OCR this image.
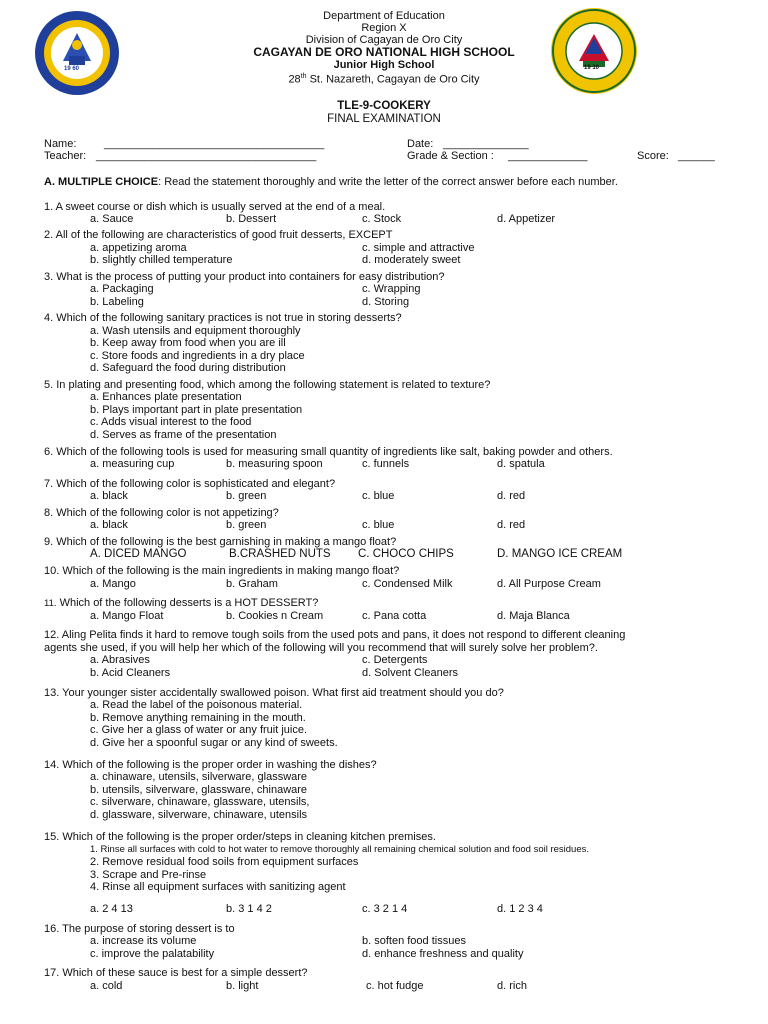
19 60	19 10
Department of Education
Region X
Division of Cagayan de Oro City
CAGAYAN DE ORO NATIONAL HIGH SCHOOL
Junior High School
28th St. Nazareth, Cagayan de Oro City
TLE-9-COOKERY
FINAL EXAMINATION
Name:	____________________________________	Date: ______________
Teacher: ____________________________________	Grade & Section : _____________	Score: ______
A. MULTIPLE CHOICE: Read the statement thoroughly and write the letter of the correct answer before each number.
1. A sweet course or dish which is usually served at the end of a meal.
a. Sauce	b. Dessert	c. Stock	d. Appetizer
2. All of the following are characteristics of good fruit desserts, EXCEPT
a. appetizing aroma	c. simple and attractive
b. slightly chilled temperature	d. moderately sweet
3. What is the process of putting your product into containers for easy distribution?
a. Packaging	c. Wrapping
b. Labeling	d. Storing
4. Which of the following sanitary practices is not true in storing desserts?
a. Wash utensils and equipment thoroughly
b. Keep away from food when you are ill
c. Store foods and ingredients in a dry place
d. Safeguard the food during distribution
5. In plating and presenting food, which among the following statement is related to texture?
a. Enhances plate presentation
b. Plays important part in plate presentation
c. Adds visual interest to the food
d. Serves as frame of the presentation
6. Which of the following tools is used for measuring small quantity of ingredients like salt, baking powder and others.
a. measuring cup	b. measuring spoon	c. funnels	d. spatula
7. Which of the following color is sophisticated and elegant?
a. black	b. green	c. blue	d. red
8. Which of the following color is not appetizing?
a. black	b. green	c. blue	d. red
9. Which of the following is the best garnishing in making a mango float?
A. DICED MANGO	B.CRASHED NUTS C. CHOCO CHIPS	D. MANGO ICE CREAM
10. Which of the following is the main ingredients in making mango float?
a. Mango	b. Graham	c. Condensed Milk	d. All Purpose Cream
11. Which of the following desserts is a HOT DESSERT?
a. Mango Float	b. Cookies n Cream	c. Pana cotta	d. Maja Blanca
12. Aling Pelita finds it hard to remove tough soils from the used pots and pans, it does not respond to different cleaning
agents she used, if you will help her which of the following will you recommend that will surely solve her problem?.
a. Abrasives	c. Detergents
b. Acid Cleaners	d. Solvent Cleaners
13. Your younger sister accidentally swallowed poison. What first aid treatment should you do?
a. Read the label of the poisonous material.
b. Remove anything remaining in the mouth.
c. Give her a glass of water or any fruit juice.
d. Give her a spoonful sugar or any kind of sweets.
14. Which of the following is the proper order in washing the dishes?
a. chinaware, utensils, silverware, glassware
b. utensils, silverware, glassware, chinaware
c. silverware, chinaware, glassware, utensils,
d. glassware, silverware, chinaware, utensils
15. Which of the following is the proper order/steps in cleaning kitchen premises.
1. Rinse all surfaces with cold to hot water to remove thoroughly all remaining chemical solution and food soil residues.
2. Remove residual food soils from equipment surfaces
3. Scrape and Pre-rinse
4. Rinse all equipment surfaces with sanitizing agent
a. 2 4 13	b. 3 1 4 2	c. 3 2 1 4	d. 1 2 3 4
16. The purpose of storing dessert is to
a. increase its volume	b. soften food tissues
c. improve the palatability	d. enhance freshness and quality
17. Which of these sauce is best for a simple dessert?
a. cold	b. light	c. hot fudge	d. rich
